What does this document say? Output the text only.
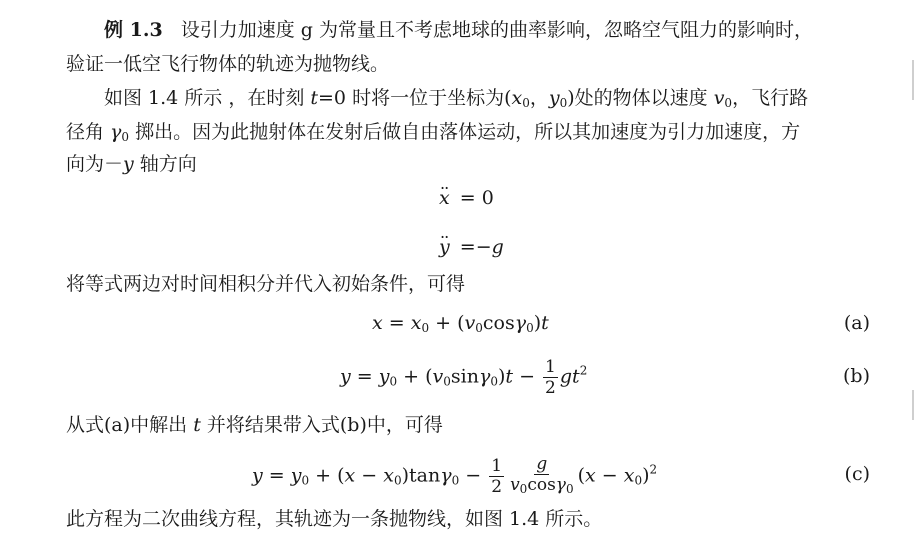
例 1.3 设引力加速度 g 为常量且不考虑地球的曲率影响，忽略空气阻力的影响时，
验证一低空飞行物体的轨迹为抛物线。
如图 1.4 所示 ，在时刻 t=0 时将一位于坐标为($x_0$，$y_0$)处的物体以速度 $v_0$，飞行路
径角 $\gamma_0$ 掷出。因为此抛射体在发射后做自由落体运动，所以其加速度为引力加速度，方
向为－y 轴方向
.. x = 0
.. y =−g
将等式两边对时间相积分并代入初始条件，可得
$x = x_0 + (v_0\cos\gamma_0)t$	(a)
$y = y_0 + (v_0\sin\gamma_0)t - \frac{1}{2} gt^2$	(b)
从式(a)中解出 t 并将结果带入式(b)中，可得
$y = y_0 + (x - x_0)\tan\gamma_0 - \frac{1}{2} \frac{g}{v_0\cos\gamma_0} (x - x_0)^2$	(c)
此方程为二次曲线方程，其轨迹为一条抛物线，如图 1.4 所示。
